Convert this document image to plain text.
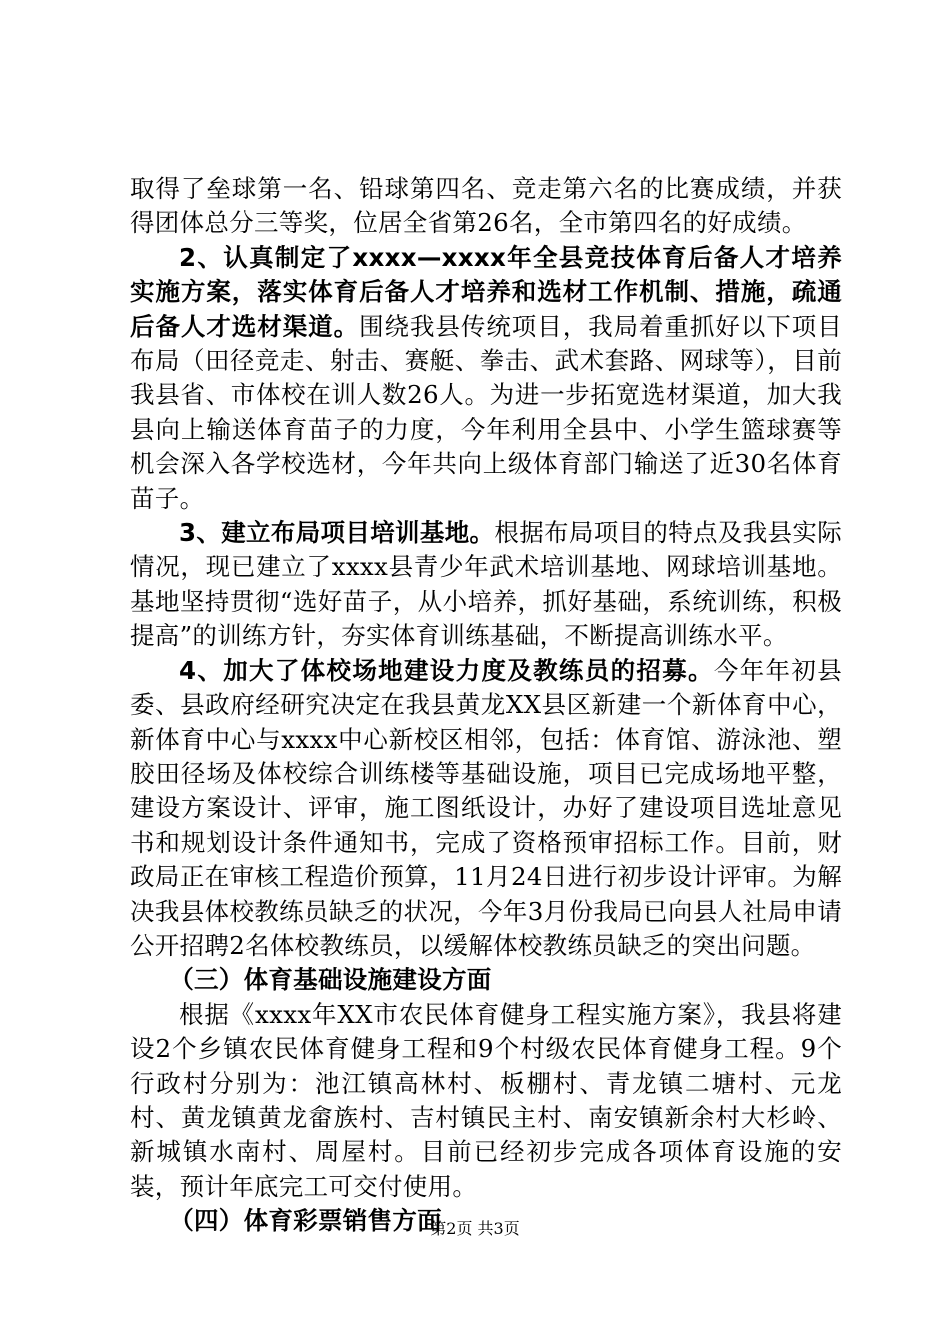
取得了垒球第一名、铅球第四名、竞走第六名的比赛成绩，并获得团体总分三等奖，位居全省第26名，全市第四名的好成绩。

2、认真制定了xxxx—xxxx年全县竞技体育后备人才培养实施方案，落实体育后备人才培养和选材工作机制、措施，疏通后备人才选材渠道。围绕我县传统项目，我局着重抓好以下项目布局（田径竞走、射击、赛艇、拳击、武术套路、网球等），目前我县省、市体校在训人数26人。为进一步拓宽选材渠道，加大我县向上输送体育苗子的力度，今年利用全县中、小学生篮球赛等机会深入各学校选材，今年共向上级体育部门输送了近30名体育苗子。

3、建立布局项目培训基地。根据布局项目的特点及我县实际情况，现已建立了xxxx县青少年武术培训基地、网球培训基地。基地坚持贯彻“选好苗子，从小培养，抓好基础，系统训练，积极提高”的训练方针，夯实体育训练基础，不断提高训练水平。

4、加大了体校场地建设力度及教练员的招募。今年年初县委、县政府经研究决定在我县黄龙XX县区新建一个新体育中心，新体育中心与xxxx中心新校区相邻，包括：体育馆、游泳池、塑胶田径场及体校综合训练楼等基础设施，项目已完成场地平整，建设方案设计、评审，施工图纸设计，办好了建设项目选址意见书和规划设计条件通知书，完成了资格预审招标工作。目前，财政局正在审核工程造价预算，11月24日进行初步设计评审。为解决我县体校教练员缺乏的状况，今年3月份我局已向县人社局申请公开招聘2名体校教练员，以缓解体校教练员缺乏的突出问题。

（三）体育基础设施建设方面

根据《xxxx年XX市农民体育健身工程实施方案》，我县将建设2个乡镇农民体育健身工程和9个村级农民体育健身工程。9个行政村分别为：池江镇高林村、板棚村、青龙镇二塘村、元龙村、黄龙镇黄龙畲族村、吉村镇民主村、南安镇新余村大杉岭、新城镇水南村、周屋村。目前已经初步完成各项体育设施的安装，预计年底完工可交付使用。

（四）体育彩票销售方面

第2页 共3页
